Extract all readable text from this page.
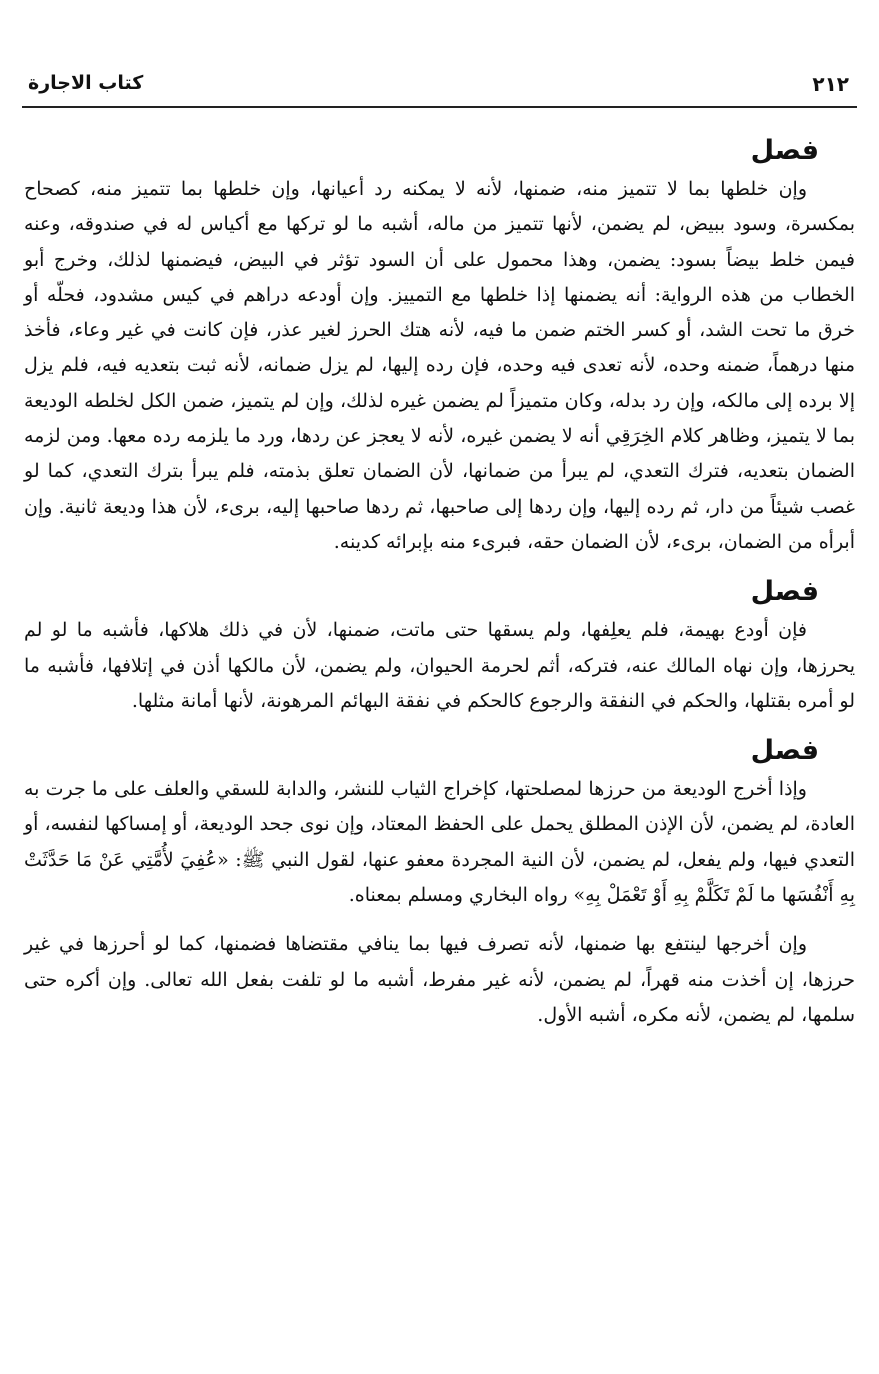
٢١٢
كتاب الاجارة
فصل

وإن خلطها بما لا تتميز منه، ضمنها، لأنه لا يمكنه رد أعيانها، وإن خلطها بما تتميز منه، كصحاح بمكسرة، وسود ببيض، لم يضمن، لأنها تتميز من ماله، أشبه ما لو تركها مع أكياس له في صندوقه، وعنه فيمن خلط بيضاً بسود: يضمن، وهذا محمول على أن السود تؤثر في البيض، فيضمنها لذلك، وخرج أبو الخطاب من هذه الرواية: أنه يضمنها إذا خلطها مع التمييز. وإن أودعه دراهم في كيس مشدود، فحلّه أو خرق ما تحت الشد، أو كسر الختم ضمن ما فيه، لأنه هتك الحرز لغير عذر، فإن كانت في غير وعاء، فأخذ منها درهماً، ضمنه وحده، لأنه تعدى فيه وحده، فإن رده إليها، لم يزل ضمانه، لأنه ثبت بتعديه فيه، فلم يزل إلا برده إلى مالكه، وإن رد بدله، وكان متميزاً لم يضمن غيره لذلك، وإن لم يتميز، ضمن الكل لخلطه الوديعة بما لا يتميز، وظاهر كلام الخِرَقِي أنه لا يضمن غيره، لأنه لا يعجز عن ردها، ورد ما يلزمه رده معها. ومن لزمه الضمان بتعديه، فترك التعدي، لم يبرأ من ضمانها، لأن الضمان تعلق بذمته، فلم يبرأ بترك التعدي، كما لو غصب شيئاً من دار، ثم رده إليها، وإن ردها إلى صاحبها، ثم ردها صاحبها إليه، برىء، لأن هذا وديعة ثانية. وإن أبرأه من الضمان، برىء، لأن الضمان حقه، فبرىء منه بإبرائه كدينه.

فصل

فإن أودع بهيمة، فلم يعلِفها، ولم يسقها حتى ماتت، ضمنها، لأن في ذلك هلاكها، فأشبه ما لو لم يحرزها، وإن نهاه المالك عنه، فتركه، أثم لحرمة الحيوان، ولم يضمن، لأن مالكها أذن في إتلافها، فأشبه ما لو أمره بقتلها، والحكم في النفقة والرجوع كالحكم في نفقة البهائم المرهونة، لأنها أمانة مثلها.

فصل

وإذا أخرج الوديعة من حرزها لمصلحتها، كإخراج الثياب للنشر، والدابة للسقي والعلف على ما جرت به العادة، لم يضمن، لأن الإذن المطلق يحمل على الحفظ المعتاد، وإن نوى جحد الوديعة، أو إمساكها لنفسه، أو التعدي فيها، ولم يفعل، لم يضمن، لأن النية المجردة معفو عنها، لقول النبي ﷺ: «عُفِيَ لأُمَّتِي عَنْ مَا حَدَّثَتْ بِهِ أَنْفُسَها ما لَمْ تَكَلَّمْ بِهِ أَوْ تَعْمَلْ بِهِ» رواه البخاري ومسلم بمعناه.

وإن أخرجها لينتفع بها ضمنها، لأنه تصرف فيها بما ينافي مقتضاها فضمنها، كما لو أحرزها في غير حرزها، إن أخذت منه قهراً، لم يضمن، لأنه غير مفرط، أشبه ما لو تلفت بفعل الله تعالى. وإن أكره حتى سلمها، لم يضمن، لأنه مكره، أشبه الأول.
